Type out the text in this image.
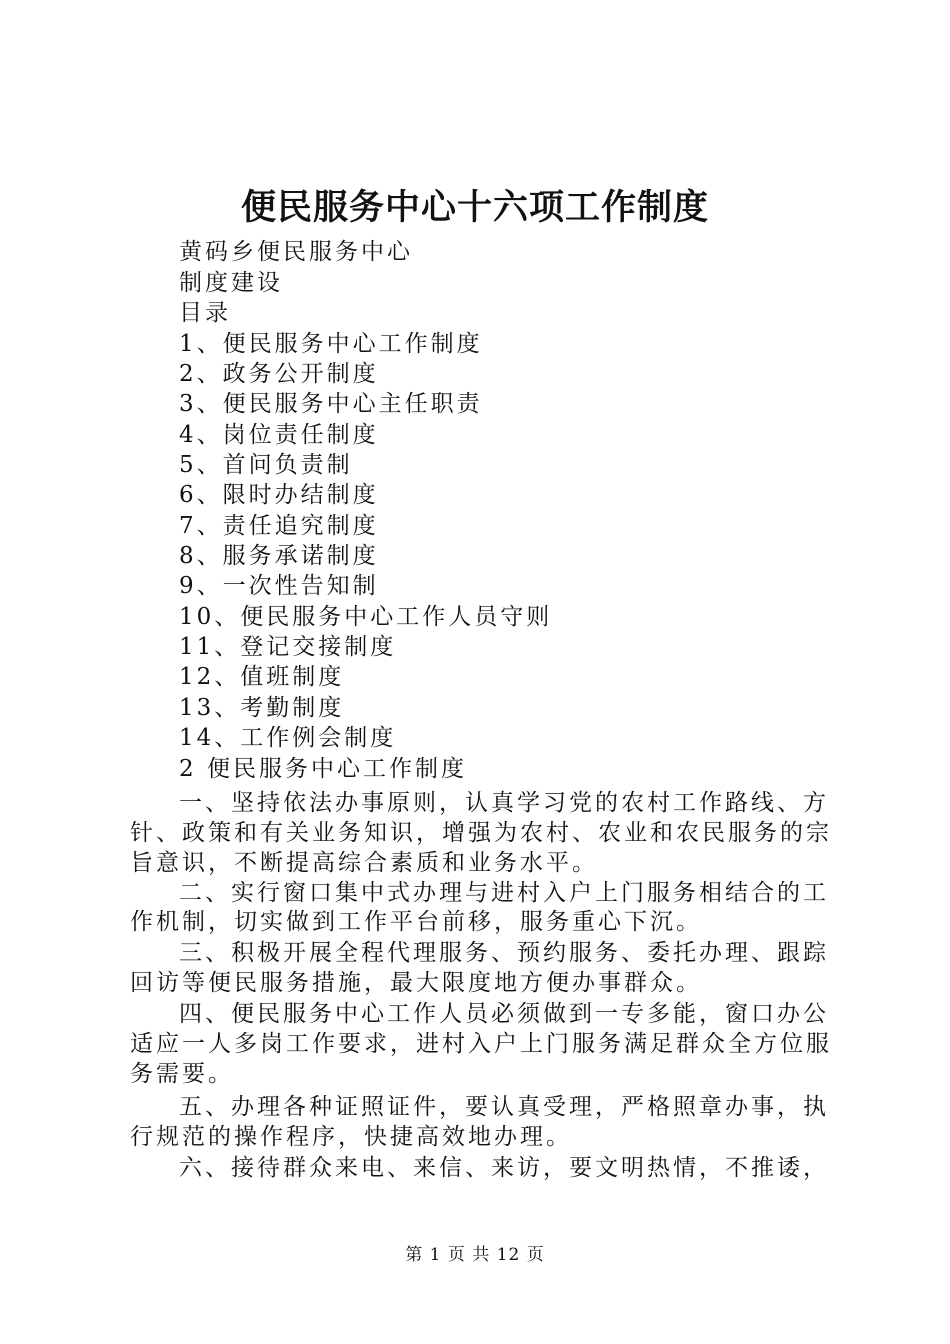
便民服务中心十六项工作制度
黄码乡便民服务中心
制度建设
目录
1、便民服务中心工作制度
2、政务公开制度
3、便民服务中心主任职责
4、岗位责任制度
5、首问负责制
6、限时办结制度
7、责任追究制度
8、服务承诺制度
9、一次性告知制
10、便民服务中心工作人员守则
11、登记交接制度
12、值班制度
13、考勤制度
14、工作例会制度
2 便民服务中心工作制度
一、坚持依法办事原则，认真学习党的农村工作路线、方
针、政策和有关业务知识，增强为农村、农业和农民服务的宗
旨意识，不断提高综合素质和业务水平。
二、实行窗口集中式办理与进村入户上门服务相结合的工
作机制，切实做到工作平台前移，服务重心下沉。
三、积极开展全程代理服务、预约服务、委托办理、跟踪
回访等便民服务措施，最大限度地方便办事群众。
四、便民服务中心工作人员必须做到一专多能，窗口办公
适应一人多岗工作要求，进村入户上门服务满足群众全方位服
务需要。
五、办理各种证照证件，要认真受理，严格照章办事，执
行规范的操作程序，快捷高效地办理。
六、接待群众来电、来信、来访，要文明热情，不推诿，
第 1 页 共 12 页
